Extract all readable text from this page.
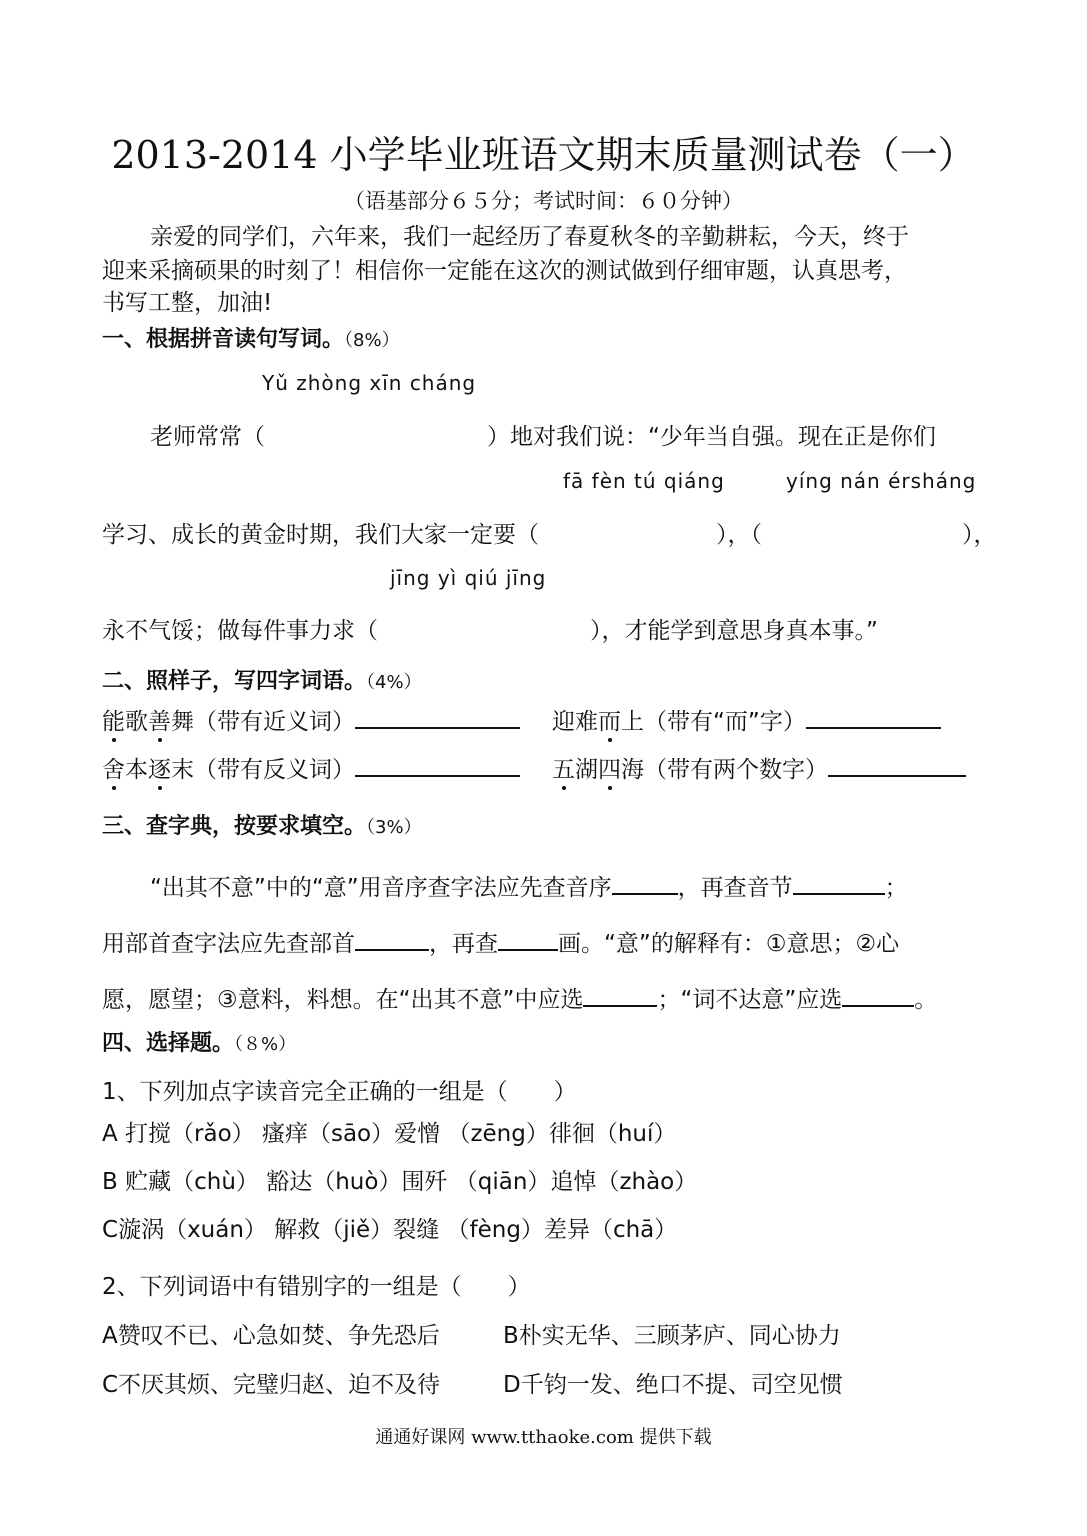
2013-2014 小学毕业班语文期末质量测试卷（一）
（语基部分６５分；考试时间：６０分钟）
亲爱的同学们，六年来，我们一起经历了春夏秋冬的辛勤耕耘，今天，终于
迎来采摘硕果的时刻了！相信你一定能在这次的测试做到仔细审题，认真思考，
书写工整，加油!
一、根据拼音读句写词。（8%）
Yǔ zhòng xīn cháng
老师常常（	）地对我们说：“少年当自强。现在正是你们
fā fèn tú qiáng	yíng nán érsháng
学习、成长的黄金时期，我们大家一定要（	），（	），
jīng yì qiú jīng
永不气馁；做每件事力求（	），才能学到意思身真本事。”
二、照样子，写四字词语。（4%）
能歌善舞（带有近义词）	迎难而上（带有“而”字）
舍本逐末（带有反义词）	五湖四海（带有两个数字）
三、查字典，按要求填空。（3%）
“出其不意”中的“意”用音序查字法应先查音序	，再查音节	；
用部首查字法应先查部首	，再查	画。“意”的解释有：①意思；②心
愿，愿望；③意料，料想。在“出其不意”中应选	；“词不达意”应选	。
四、选择题。（８%）
1、下列加点字读音完全正确的一组是（　　）
A 打搅（rǎo） 瘙痒（sāo）爱憎 （zēng）徘徊（huí）
B 贮藏（chù） 豁达（huò）围歼 （qiān）追悼（zhào）
C漩涡（xuán） 解救（jiě）裂缝 （fèng）差异（chā）
2、下列词语中有错别字的一组是（　　）
A赞叹不已、心急如焚、争先恐后	B朴实无华、三顾茅庐、同心协力
C不厌其烦、完璧归赵、迫不及待	D千钧一发、绝口不提、司空见惯
通通好课网 www.tthaoke.com 提供下载
